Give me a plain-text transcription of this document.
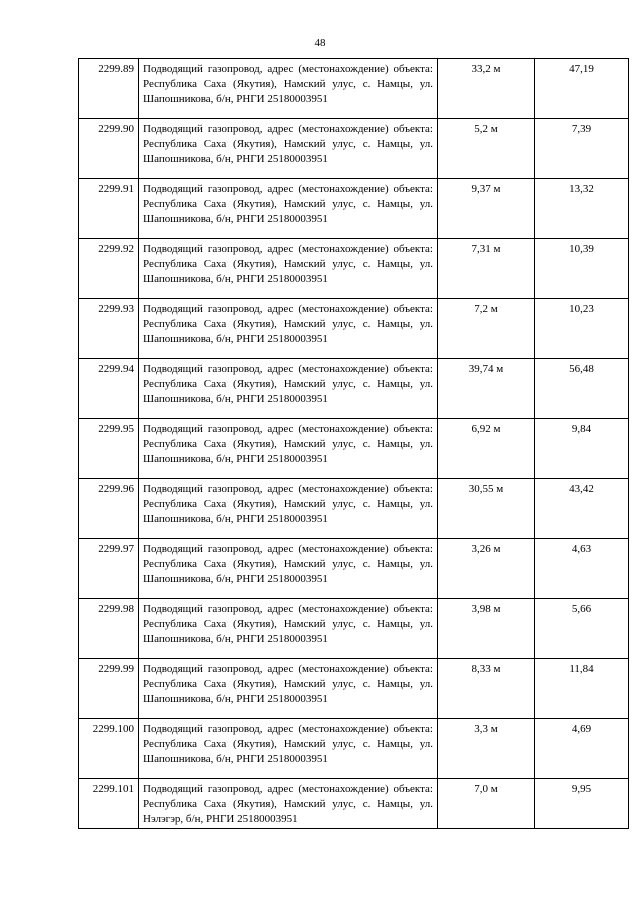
48
2299.89	Подводящий газопровод, адрес (местонахождение) объекта: Республика Саха (Якутия), Намский улус, с. Намцы, ул. Шапошникова, б/н, РНГИ 25180003951	33,2 м	47,19
2299.90	Подводящий газопровод, адрес (местонахождение) объекта: Республика Саха (Якутия), Намский улус, с. Намцы, ул. Шапошникова, б/н, РНГИ 25180003951	5,2 м	7,39
2299.91	Подводящий газопровод, адрес (местонахождение) объекта: Республика Саха (Якутия), Намский улус, с. Намцы, ул. Шапошникова, б/н, РНГИ 25180003951	9,37 м	13,32
2299.92	Подводящий газопровод, адрес (местонахождение) объекта: Республика Саха (Якутия), Намский улус, с. Намцы, ул. Шапошникова, б/н, РНГИ 25180003951	7,31 м	10,39
2299.93	Подводящий газопровод, адрес (местонахождение) объекта: Республика Саха (Якутия), Намский улус, с. Намцы, ул. Шапошникова, б/н, РНГИ 25180003951	7,2 м	10,23
2299.94	Подводящий газопровод, адрес (местонахождение) объекта: Республика Саха (Якутия), Намский улус, с. Намцы, ул. Шапошникова, б/н, РНГИ 25180003951	39,74 м	56,48
2299.95	Подводящий газопровод, адрес (местонахождение) объекта: Республика Саха (Якутия), Намский улус, с. Намцы, ул. Шапошникова, б/н, РНГИ 25180003951	6,92 м	9,84
2299.96	Подводящий газопровод, адрес (местонахождение) объекта: Республика Саха (Якутия), Намский улус, с. Намцы, ул. Шапошникова, б/н, РНГИ 25180003951	30,55 м	43,42
2299.97	Подводящий газопровод, адрес (местонахождение) объекта: Республика Саха (Якутия), Намский улус, с. Намцы, ул. Шапошникова, б/н, РНГИ 25180003951	3,26 м	4,63
2299.98	Подводящий газопровод, адрес (местонахождение) объекта: Республика Саха (Якутия), Намский улус, с. Намцы, ул. Шапошникова, б/н, РНГИ 25180003951	3,98 м	5,66
2299.99	Подводящий газопровод, адрес (местонахождение) объекта: Республика Саха (Якутия), Намский улус, с. Намцы, ул. Шапошникова, б/н, РНГИ 25180003951	8,33 м	11,84
2299.100	Подводящий газопровод, адрес (местонахождение) объекта: Республика Саха (Якутия), Намский улус, с. Намцы, ул. Шапошникова, б/н, РНГИ 25180003951	3,3 м	4,69
2299.101	Подводящий газопровод, адрес (местонахождение) объекта: Республика Саха (Якутия), Намский улус, с. Намцы, ул. Нэлэгэр, б/н, РНГИ 25180003951	7,0 м	9,95
